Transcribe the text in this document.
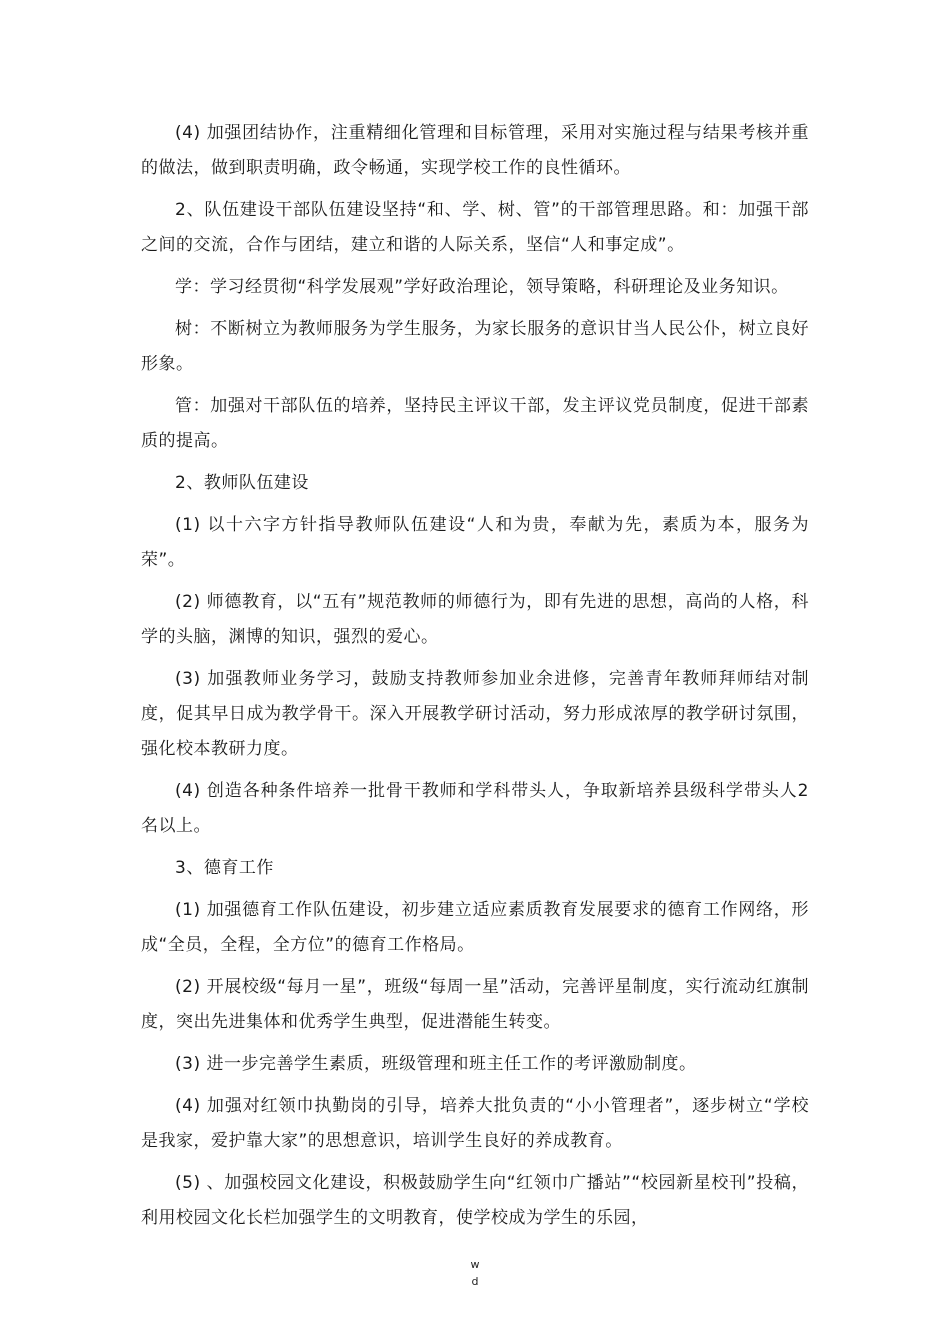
(4) 加强团结协作，注重精细化管理和目标管理，采用对实施过程与结果考核并重的做法，做到职责明确，政令畅通，实现学校工作的良性循环。

2、队伍建设干部队伍建设坚持“和、学、树、管”的干部管理思路。和：加强干部之间的交流，合作与团结，建立和谐的人际关系，坚信“人和事定成”。

学：学习经贯彻“科学发展观”学好政治理论，领导策略，科研理论及业务知识。

树：不断树立为教师服务为学生服务，为家长服务的意识甘当人民公仆，树立良好形象。

管：加强对干部队伍的培养，坚持民主评议干部，发主评议党员制度，促进干部素质的提高。

2、教师队伍建设

(1) 以十六字方针指导教师队伍建设“人和为贵，奉献为先，素质为本，服务为荣”。

(2) 师德教育，以“五有”规范教师的师德行为，即有先进的思想，高尚的人格，科学的头脑，渊博的知识，强烈的爱心。

(3) 加强教师业务学习，鼓励支持教师参加业余进修，完善青年教师拜师结对制度，促其早日成为教学骨干。深入开展教学研讨活动，努力形成浓厚的教学研讨氛围，强化校本教研力度。

(4) 创造各种条件培养一批骨干教师和学科带头人，争取新培养县级科学带头人2名以上。

3、德育工作

(1) 加强德育工作队伍建设，初步建立适应素质教育发展要求的德育工作网络，形成“全员，全程，全方位”的德育工作格局。

(2) 开展校级“每月一星”，班级“每周一星”活动，完善评星制度，实行流动红旗制度，突出先进集体和优秀学生典型，促进潜能生转变。

(3) 进一步完善学生素质，班级管理和班主任工作的考评激励制度。

(4) 加强对红领巾执勤岗的引导，培养大批负责的“小小管理者”，逐步树立“学校是我家，爱护靠大家”的思想意识，培训学生良好的养成教育。

(5) 、加强校园文化建设，积极鼓励学生向“红领巾广播站”“校园新星校刊”投稿，利用校园文化长栏加强学生的文明教育，使学校成为学生的乐园，

w
d
